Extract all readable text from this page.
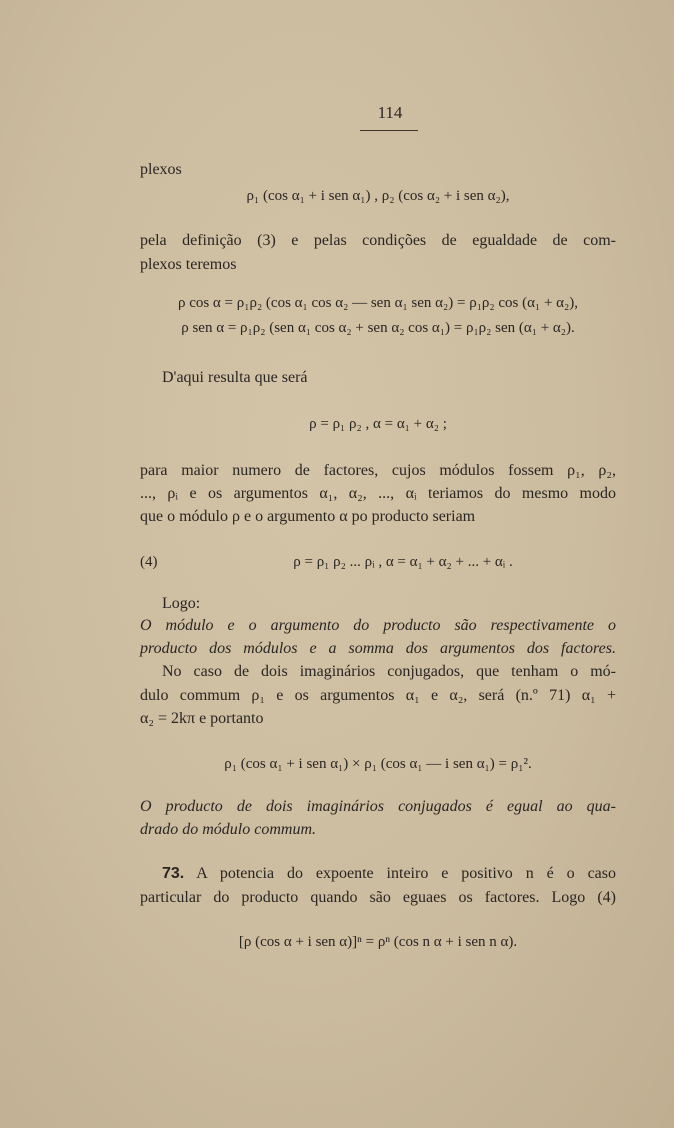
114
plexos
ρ₁ (cos α₁ + i sen α₁) , ρ₂ (cos α₂ + i sen α₂),
pela definição (3) e pelas condições de egualdade de com-
plexos teremos
ρ cos α = ρ₁ρ₂ (cos α₁ cos α₂ — sen α₁ sen α₂) = ρ₁ρ₂ cos (α₁ + α₂),
ρ sen α = ρ₁ρ₂ (sen α₁ cos α₂ + sen α₂ cos α₁) = ρ₁ρ₂ sen (α₁ + α₂).
D'aqui resulta que será
ρ = ρ₁ ρ₂ , α = α₁ + α₂ ;
para maior numero de factores, cujos módulos fossem ρ₁, ρ₂,
..., ρᵢ e os argumentos α₁, α₂, ..., αᵢ teriamos do mesmo modo
que o módulo ρ e o argumento α po producto seriam
(4)	ρ = ρ₁ ρ₂ ... ρᵢ , α = α₁ + α₂ + ... + αᵢ .
Logo:
O módulo e o argumento do producto são respectivamente o
producto dos módulos e a somma dos argumentos dos factores.
No caso de dois imaginários conjugados, que tenham o mó-
dulo commum ρ₁ e os argumentos α₁ e α₂, será (n.º 71) α₁ +
α₂ = 2kπ e portanto
ρ₁ (cos α₁ + i sen α₁) × ρ₁ (cos α₁ — i sen α₁) = ρ₁².
O producto de dois imaginários conjugados é egual ao qua-
drado do módulo commum.
73. A potencia do expoente inteiro e positivo n é o caso
particular do producto quando são eguaes os factores. Logo (4)
[ρ (cos α + i sen α)]ⁿ = ρⁿ (cos n α + i sen n α).
